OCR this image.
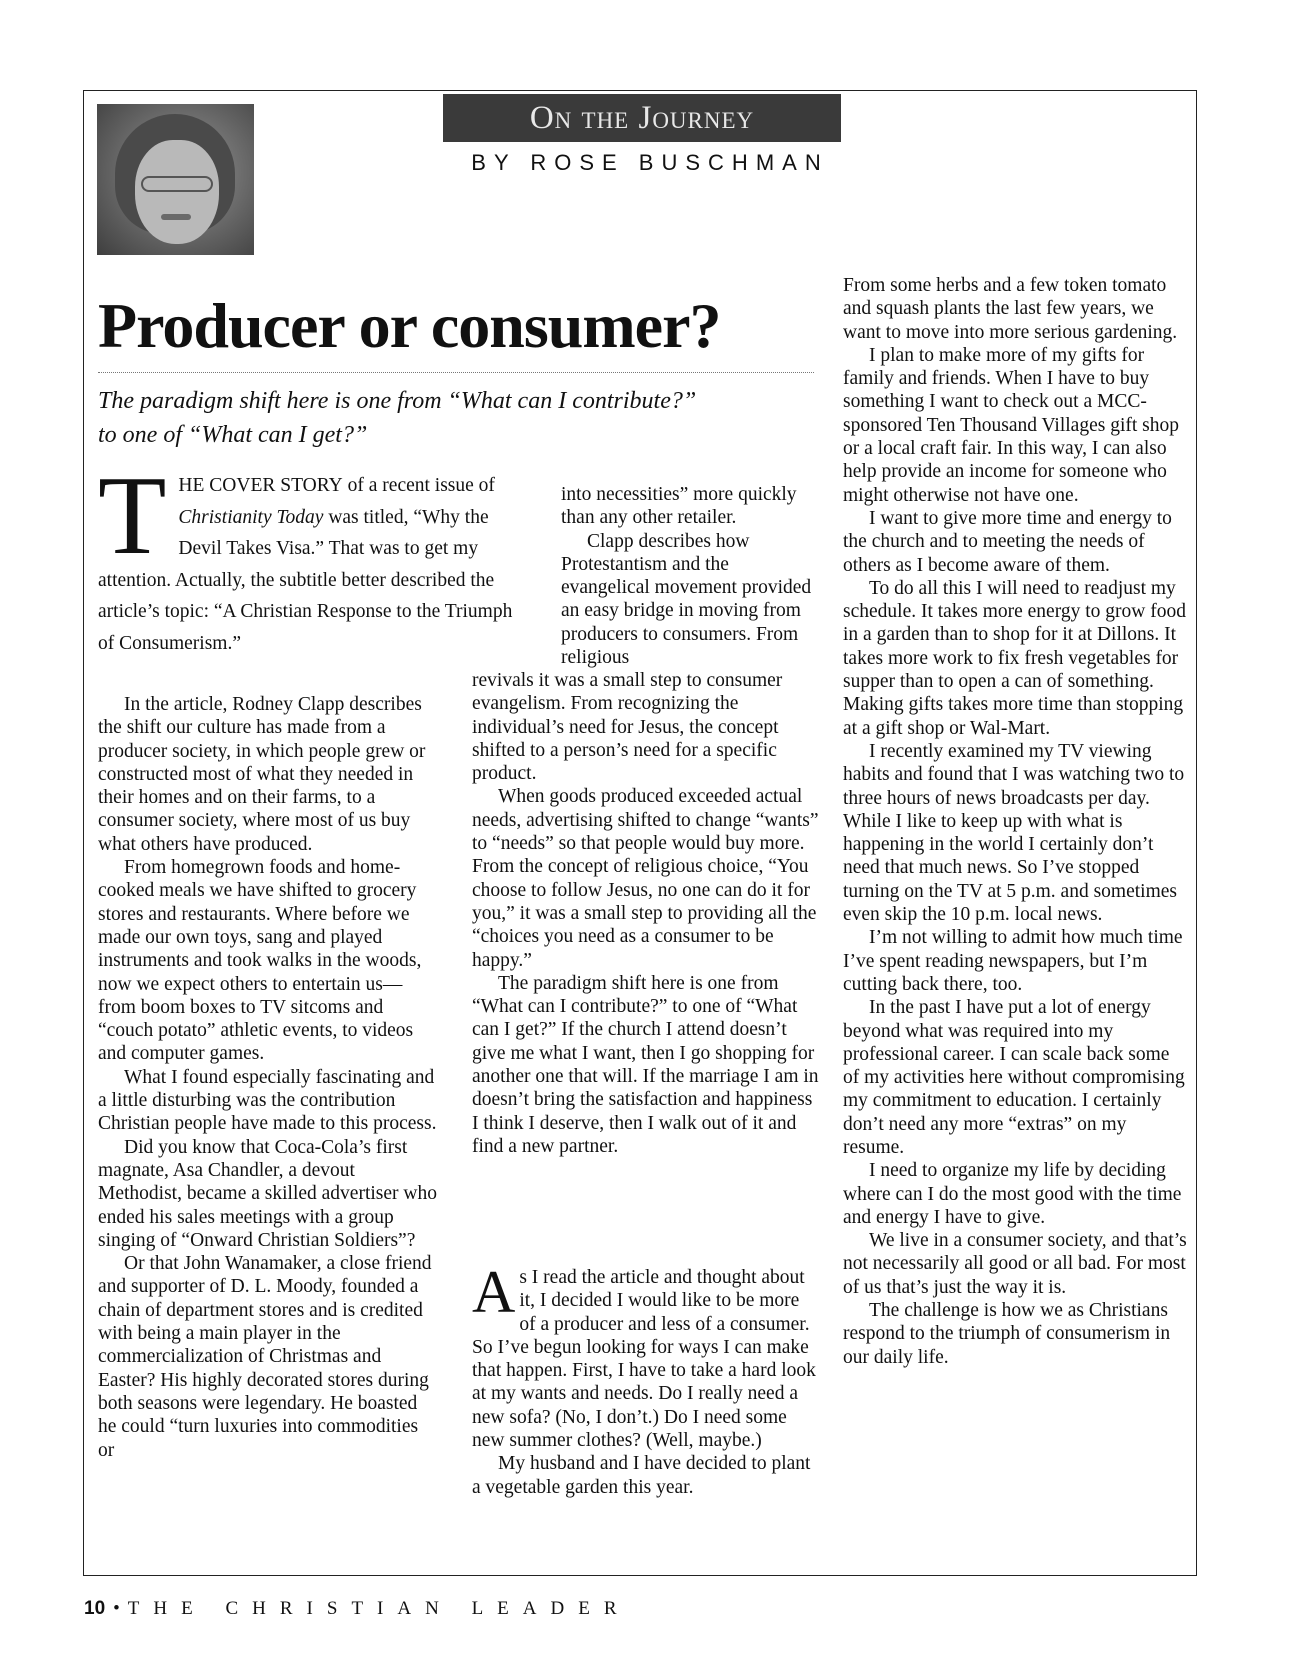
On the Journey
BY ROSE BUSCHMAN
Producer or consumer?
The paradigm shift here is one from “What can I contribute?” to one of “What can I get?”
THE COVER STORY of a recent issue of Christianity Today was titled, “Why the Devil Takes Visa.” That was to get my attention. Actually, the subtitle better described the article’s topic: “A Christian Response to the Triumph of Consumerism.”

In the article, Rodney Clapp describes the shift our culture has made from a producer society, in which people grew or constructed most of what they needed in their homes and on their farms, to a consumer society, where most of us buy what others have produced.

From homegrown foods and home-cooked meals we have shifted to grocery stores and restaurants. Where before we made our own toys, sang and played instruments and took walks in the woods, now we expect others to entertain us—from boom boxes to TV sitcoms and “couch potato” athletic events, to videos and computer games.

What I found especially fascinating and a little disturbing was the contribution Christian people have made to this process.

Did you know that Coca-Cola’s first magnate, Asa Chandler, a devout Methodist, became a skilled advertiser who ended his sales meetings with a group singing of “Onward Christian Soldiers”?

Or that John Wanamaker, a close friend and supporter of D. L. Moody, founded a chain of department stores and is credited with being a main player in the commercialization of Christmas and Easter? His highly decorated stores during both seasons were legendary. He boasted he could “turn luxuries into commodities or

into necessities” more quickly than any other retailer.

Clapp describes how Protestantism and the evangelical movement provided an easy bridge in moving from producers to consumers. From religious

revivals it was a small step to consumer evangelism. From recognizing the individual’s need for Jesus, the concept shifted to a person’s need for a specific product.

When goods produced exceeded actual needs, advertising shifted to change “wants” to “needs” so that people would buy more. From the concept of religious choice, “You choose to follow Jesus, no one can do it for you,” it was a small step to providing all the “choices you need as a consumer to be happy.”

The paradigm shift here is one from “What can I contribute?” to one of “What can I get?” If the church I attend doesn’t give me what I want, then I go shopping for another one that will. If the marriage I am in doesn’t bring the satisfaction and happiness I think I deserve, then I walk out of it and find a new partner.

As I read the article and thought about it, I decided I would like to be more of a producer and less of a consumer. So I’ve begun looking for ways I can make that happen. First, I have to take a hard look at my wants and needs. Do I really need a new sofa? (No, I don’t.) Do I need some new summer clothes? (Well, maybe.)

My husband and I have decided to plant a vegetable garden this year.

From some herbs and a few token tomato and squash plants the last few years, we want to move into more serious gardening.

I plan to make more of my gifts for family and friends. When I have to buy something I want to check out a MCC-sponsored Ten Thousand Villages gift shop or a local craft fair. In this way, I can also help provide an income for someone who might otherwise not have one.

I want to give more time and energy to the church and to meeting the needs of others as I become aware of them.

To do all this I will need to readjust my schedule. It takes more energy to grow food in a garden than to shop for it at Dillons. It takes more work to fix fresh vegetables for supper than to open a can of something. Making gifts takes more time than stopping at a gift shop or Wal-Mart.

I recently examined my TV viewing habits and found that I was watching two to three hours of news broadcasts per day. While I like to keep up with what is happening in the world I certainly don’t need that much news. So I’ve stopped turning on the TV at 5 p.m. and sometimes even skip the 10 p.m. local news.

I’m not willing to admit how much time I’ve spent reading newspapers, but I’m cutting back there, too.

In the past I have put a lot of energy beyond what was required into my professional career. I can scale back some of my activities here without compromising my commitment to education. I certainly don’t need any more “extras” on my resume.

I need to organize my life by deciding where can I do the most good with the time and energy I have to give.

We live in a consumer society, and that’s not necessarily all good or all bad. For most of us that’s just the way it is.

The challenge is how we as Christians respond to the triumph of consumerism in our daily life.

10 • THE CHRISTIAN LEADER
